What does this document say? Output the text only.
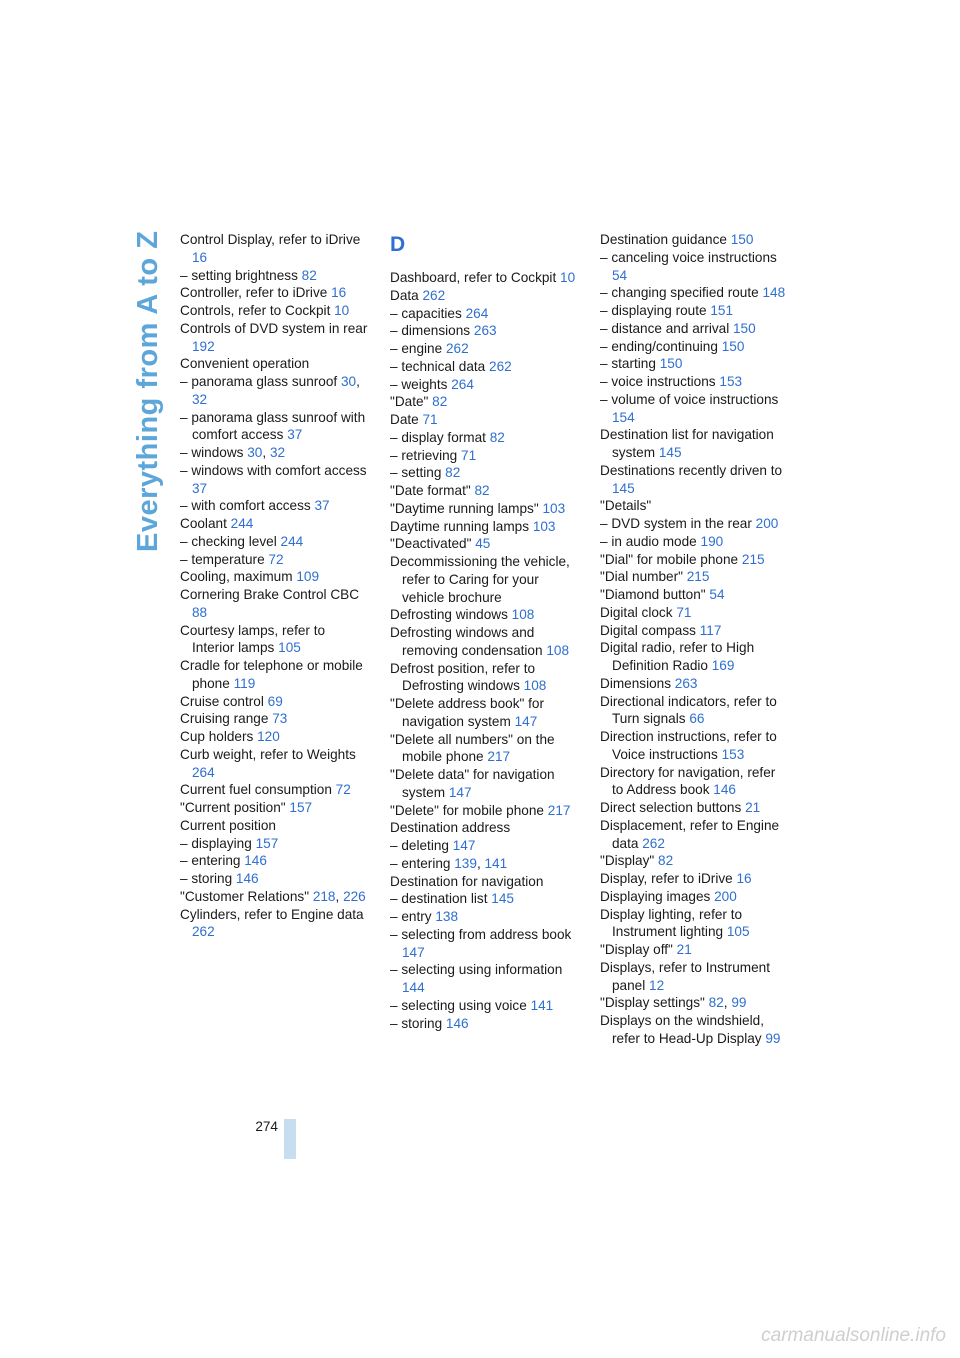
Everything from A to Z Control Display, refer to iDrive 16

– setting brightness 82

Controller, refer to iDrive 16

Controls, refer to Cockpit 10

Controls of DVD system in rear 192

Convenient operation

– panorama glass sunroof 30, 32

– panorama glass sunroof with comfort access 37

– windows 30, 32

– windows with comfort access 37

– with comfort access 37

Coolant 244

– checking level 244

– temperature 72

Cooling, maximum 109

Cornering Brake Control CBC 88

Courtesy lamps, refer to Interior lamps 105

Cradle for telephone or mobile phone 119

Cruise control 69

Cruising range 73

Cup holders 120

Curb weight, refer to Weights 264

Current fuel consumption 72

"Current position" 157

Current position

– displaying 157

– entering 146

– storing 146

"Customer Relations" 218, 226

Cylinders, refer to Engine data 262

D

Dashboard, refer to Cockpit 10

Data 262

– capacities 264

– dimensions 263

– engine 262

– technical data 262

– weights 264

"Date" 82

Date 71

– display format 82

– retrieving 71

– setting 82

"Date format" 82

"Daytime running lamps" 103

Daytime running lamps 103

"Deactivated" 45

Decommissioning the vehicle, refer to Caring for your vehicle brochure

Defrosting windows 108

Defrosting windows and removing condensation 108

Defrost position, refer to Defrosting windows 108

"Delete address book" for navigation system 147

"Delete all numbers" on the mobile phone 217

"Delete data" for navigation system 147

"Delete" for mobile phone 217

Destination address

– deleting 147

– entering 139, 141

Destination for navigation

– destination list 145

– entry 138

– selecting from address book 147

– selecting using information 144

– selecting using voice 141

– storing 146

Destination guidance 150

– canceling voice instructions 54

– changing specified route 148

– displaying route 151

– distance and arrival 150

– ending/continuing 150

– starting 150

– voice instructions 153

– volume of voice instructions 154

Destination list for navigation system 145

Destinations recently driven to 145

"Details"

– DVD system in the rear 200

– in audio mode 190

"Dial" for mobile phone 215

"Dial number" 215

"Diamond button" 54

Digital clock 71

Digital compass 117

Digital radio, refer to High Definition Radio 169

Dimensions 263

Directional indicators, refer to Turn signals 66

Direction instructions, refer to Voice instructions 153

Directory for navigation, refer to Address book 146

Direct selection buttons 21

Displacement, refer to Engine data 262

"Display" 82

Display, refer to iDrive 16

Displaying images 200

Display lighting, refer to Instrument lighting 105

"Display off" 21

Displays, refer to Instrument panel 12

"Display settings" 82, 99

Displays on the windshield, refer to Head-Up Display 99

274
carmanualsonline.info
